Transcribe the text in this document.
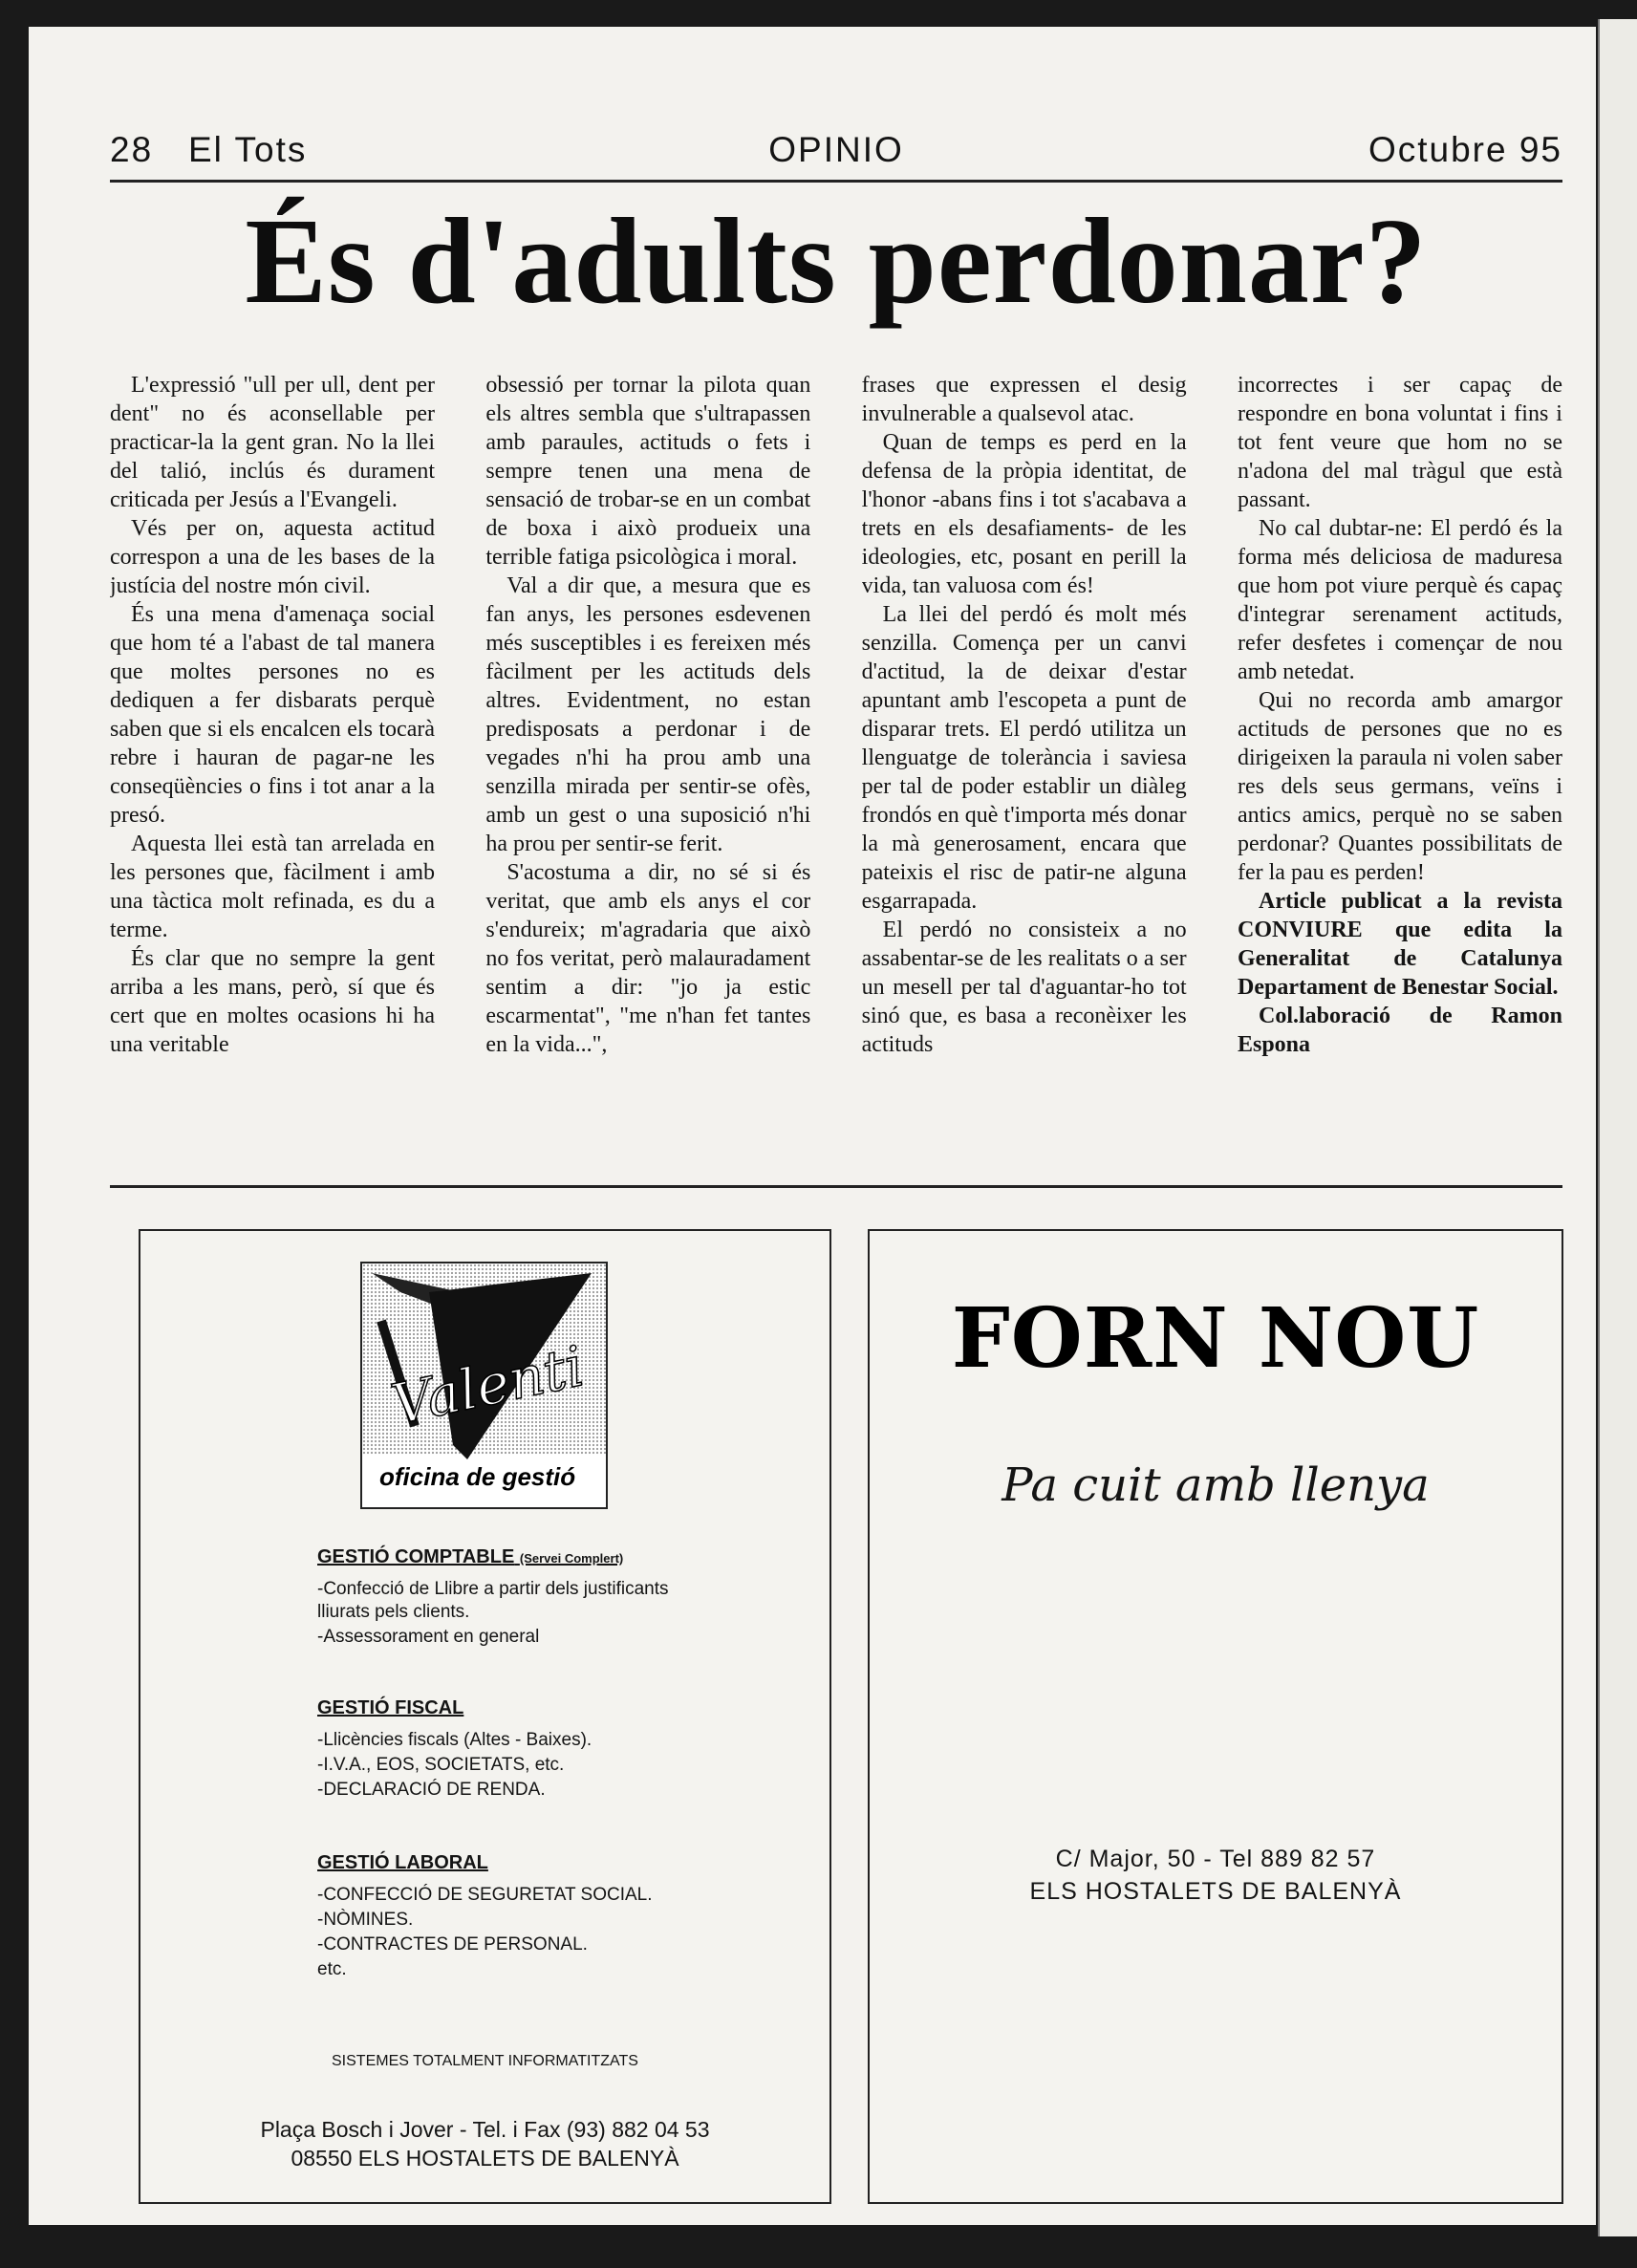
28   El Tots	OPINIO	Octubre 95
És d'adults perdonar?

L'expressió "ull per ull, dent per dent" no és aconsellable per practicar-la la gent gran. No la llei del talió, inclús és durament criticada per Jesús a l'Evangeli.

Vés per on, aquesta actitud correspon a una de les bases de la justícia del nostre món civil.

És una mena d'amenaça social que hom té a l'abast de tal manera que moltes persones no es dediquen a fer disbarats perquè saben que si els encalcen els tocarà rebre i hauran de pagar-ne les conseqüències o fins i tot anar a la presó.

Aquesta llei està tan arrelada en les persones que, fàcilment i amb una tàctica molt refinada, es du a terme.

És clar que no sempre la gent arriba a les mans, però, sí que és cert que en moltes ocasions hi ha una veritable

obsessió per tornar la pilota quan els altres sembla que s'ultrapassen amb paraules, actituds o fets i sempre tenen una mena de sensació de trobar-se en un combat de boxa i això produeix una terrible fatiga psicològica i moral.

Val a dir que, a mesura que es fan anys, les persones esdevenen més susceptibles i es fereixen més fàcilment per les actituds dels altres. Evidentment, no estan predisposats a perdonar i de vegades n'hi ha prou amb una senzilla mirada per sentir-se ofès, amb un gest o una suposició n'hi ha prou per sentir-se ferit.

S'acostuma a dir, no sé si és veritat, que amb els anys el cor s'endureix; m'agradaria que això no fos veritat, però malauradament sentim a dir: "jo ja estic escarmentat", "me n'han fet tantes en la vida...",

frases que expressen el desig invulnerable a qualsevol atac.

Quan de temps es perd en la defensa de la pròpia identitat, de l'honor -abans fins i tot s'acabava a trets en els desafiaments- de les ideologies, etc, posant en perill la vida, tan valuosa com és!

La llei del perdó és molt més senzilla. Comença per un canvi d'actitud, la de deixar d'estar apuntant amb l'escopeta a punt de disparar trets. El perdó utilitza un llenguatge de tolerància i saviesa per tal de poder establir un diàleg frondós en què t'importa més donar la mà generosament, encara que pateixis el risc de patir-ne alguna esgarrapada.

El perdó no consisteix a no assabentar-se de les realitats o a ser un mesell per tal d'aguantar-ho tot sinó que, es basa a reconèixer les actituds

incorrectes i ser capaç de respondre en bona voluntat i fins i tot fent veure que hom no se n'adona del mal tràgul que està passant.

No cal dubtar-ne: El perdó és la forma més deliciosa de maduresa que hom pot viure perquè és capaç d'integrar serenament actituds, refer desfetes i començar de nou amb netedat.

Qui no recorda amb amargor actituds de persones que no es dirigeixen la paraula ni volen saber res dels seus germans, veïns i antics amics, perquè no se saben perdonar? Quantes possibilitats de fer la pau es perden!

Article publicat a la revista CONVIURE que edita la Generalitat de Catalunya Departament de Benestar Social.

Col.laboració de Ramon Espona

Valenti
oficina de gestió
GESTIÓ COMPTABLE (Servei Complert)
-Confecció de Llibre a partir dels justificants lliurats pels clients.
-Assessorament en general
GESTIÓ FISCAL
-Llicències fiscals (Altes - Baixes).
-I.V.A., EOS, SOCIETATS, etc.
-DECLARACIÓ DE RENDA.
GESTIÓ LABORAL
-CONFECCIÓ DE SEGURETAT SOCIAL.
-NÒMINES.
-CONTRACTES DE PERSONAL.
etc.
SISTEMES TOTALMENT INFORMATITZATS
Plaça Bosch i Jover - Tel. i Fax (93) 882 04 53
08550 ELS HOSTALETS DE BALENYÀ
FORN NOU
Pa cuit amb llenya
C/ Major, 50 - Tel 889 82 57
ELS HOSTALETS DE BALENYÀ
